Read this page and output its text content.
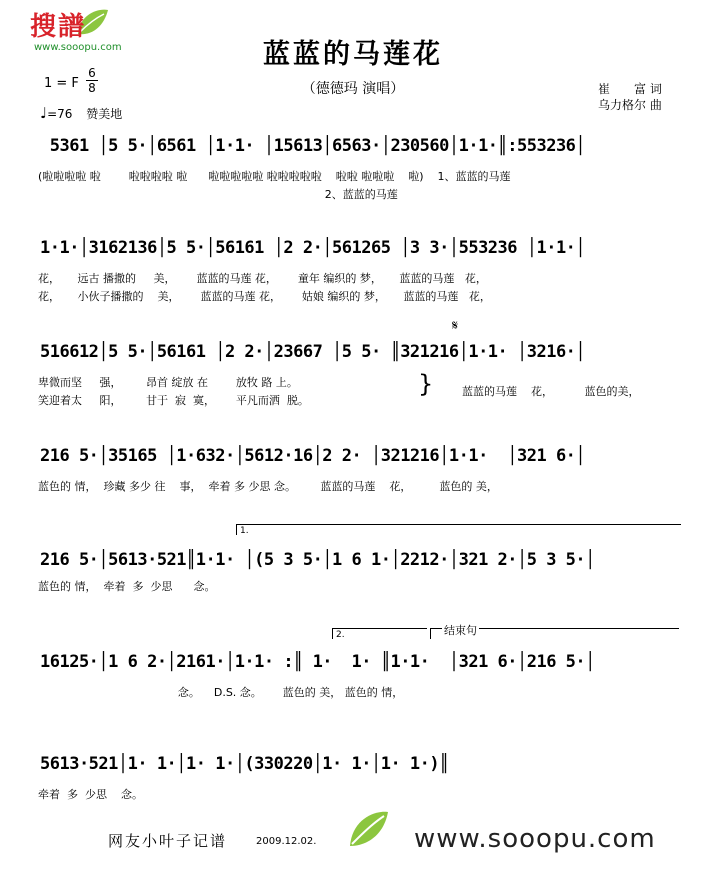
搜譜
www.sooopu.com	蓝蓝的马莲花
（德德玛 演唱）
1 = F
6
8
♩=76 赞美地
崔　　富 词
乌力格尔 曲
5361 │5 5·│6561 │1·1· │15613│6563·│230560│1·1·║:553236│
(啦啦啦啦 啦        啦啦啦啦 啦      啦啦啦啦啦 啦啦啦啦啦    啦啦 啦啦啦    啦)    1、蓝蓝的马莲
2、蓝蓝的马莲
1·1·│3162136│5 5·│56161 │2 2·│561265 │3 3·│553236 │1·1·│
花，     远古 播撒的     美，      蓝蓝的马莲 花，      童年 编织的 梦，     蓝蓝的马莲   花，
花，     小伙子播撒的    美，      蓝蓝的马莲 花，      姑娘 编织的 梦，     蓝蓝的马莲   花，
𝄋
516612│5 5·│56161 │2 2·│23667 │5 5· ║321216│1·1· │3216·│
卑微而坚     强，       昂首 绽放 在        放牧 路 上。
笑迎着太     阳，       甘于  寂  寞，      平凡而洒  脱。
}	蓝蓝的马莲    花，         蓝色的美，
216 5·│35165 │1·632·│5612·16│2 2· │321216│1·1·  │321 6·│
蓝色的 情，  珍藏 多少 往    事，  牵着 多 少思 念。       蓝蓝的马莲    花，        蓝色的 美，
1.
216 5·│5613·521║1·1· │(5 3 5·│1 6 1·│2212·│321 2·│5 3 5·│
蓝色的 情，  牵着  多  少思      念。
2.	结束句
16125·│1 6 2·│2161·│1·1· :║ 1·  1· ║1·1·  │321 6·│216 5·│
念。    D.S. 念。      蓝色的 美， 蓝色的 情，
5613·521│1· 1·│1· 1·│(330220│1· 1·│1· 1·)║
牵着  多  少思    念。
网友小叶子记谱	2009.12.02.	www.sooopu.com
